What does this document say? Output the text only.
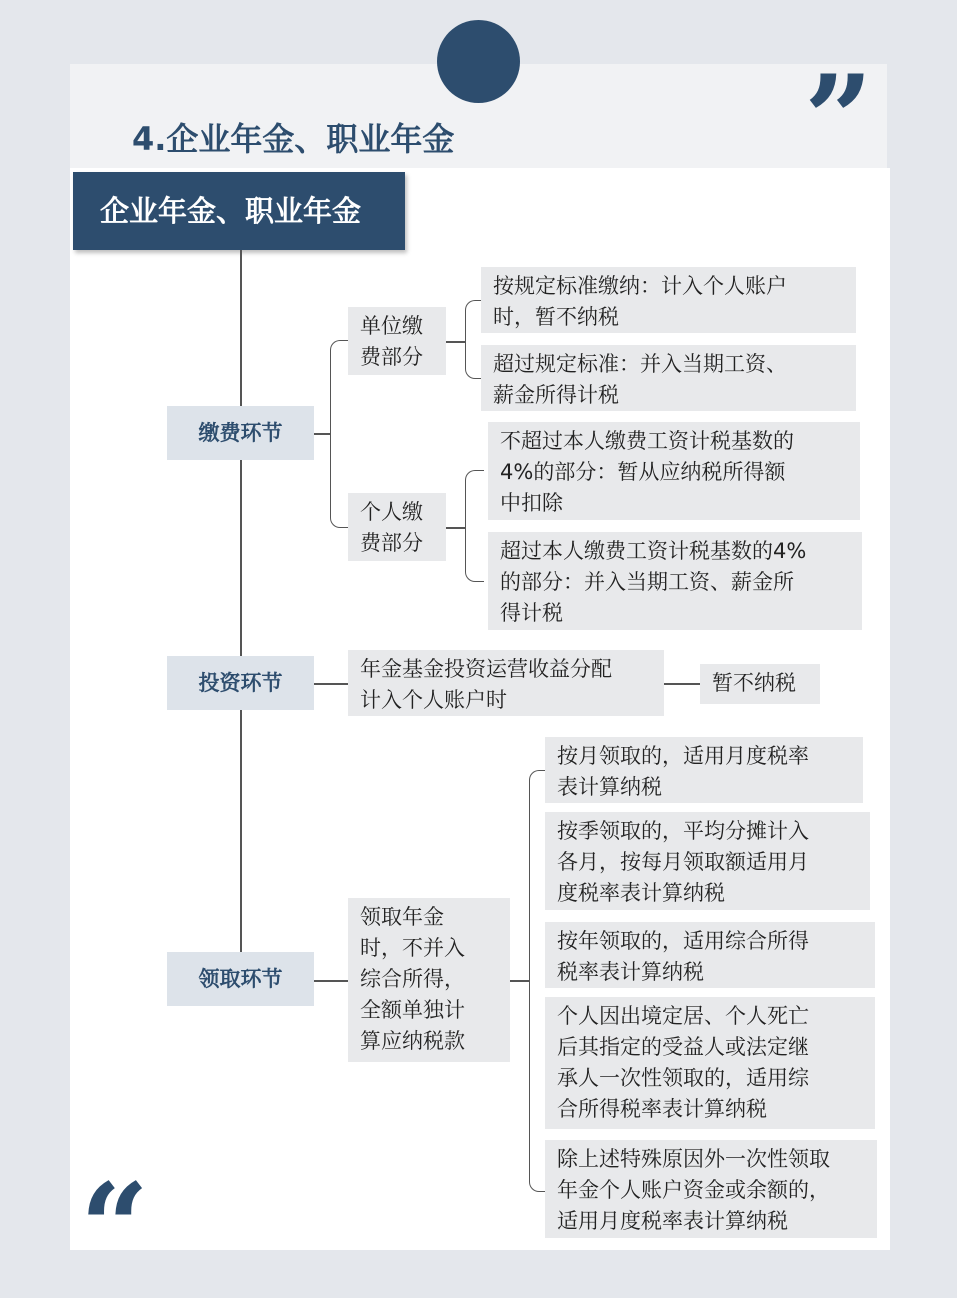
”
“
4.企业年金、职业年金
企业年金、职业年金
缴费环节
投资环节
领取环节
单位缴
费部分
按规定标准缴纳：计入个人账户
时，暂不纳税
超过规定标准：并入当期工资、
薪金所得计税
个人缴
费部分
不超过本人缴费工资计税基数的
4%的部分：暂从应纳税所得额
中扣除
超过本人缴费工资计税基数的4%
的部分：并入当期工资、薪金所
得计税
年金基金投资运营收益分配
计入个人账户时
暂不纳税
领取年金
时，不并入
综合所得，
全额单独计
算应纳税款
按月领取的，适用月度税率
表计算纳税
按季领取的，平均分摊计入
各月，按每月领取额适用月
度税率表计算纳税
按年领取的，适用综合所得
税率表计算纳税
个人因出境定居、个人死亡
后其指定的受益人或法定继
承人一次性领取的，适用综
合所得税率表计算纳税
除上述特殊原因外一次性领取
年金个人账户资金或余额的，
适用月度税率表计算纳税
